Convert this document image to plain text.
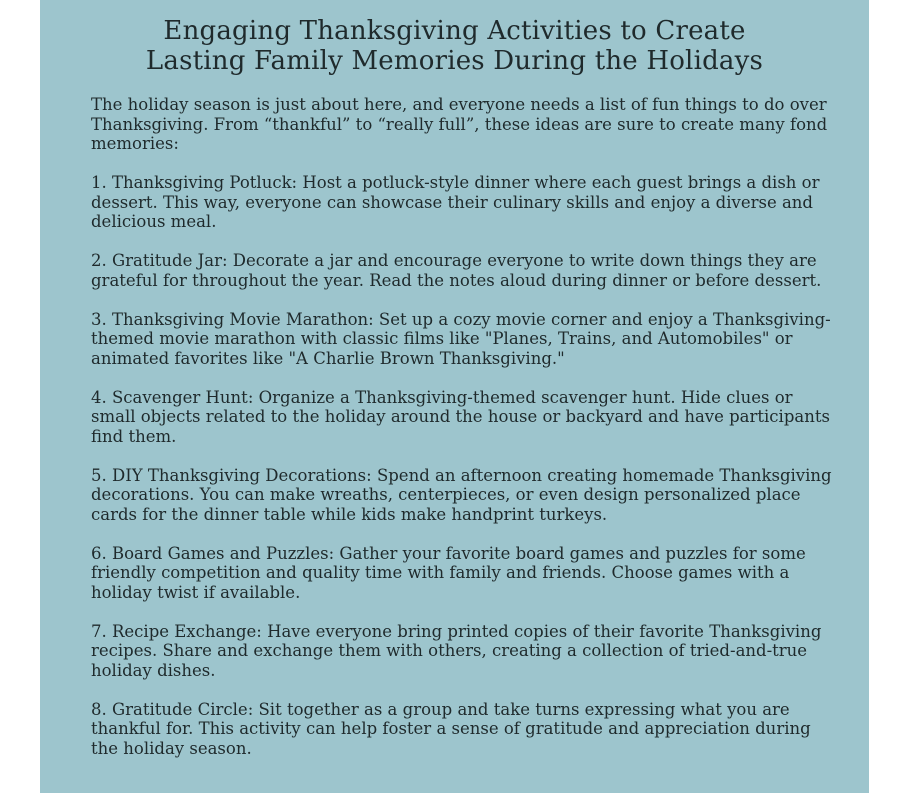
Engaging Thanksgiving Activities to Create
Lasting Family Memories During the Holidays

The holiday season is just about here, and everyone needs a list of fun things to do over Thanksgiving. From “thankful” to “really full”, these ideas are sure to create many fond memories:

1. Thanksgiving Potluck: Host a potluck-style dinner where each guest brings a dish or dessert. This way, everyone can showcase their culinary skills and enjoy a diverse and delicious meal.

2. Gratitude Jar: Decorate a jar and encourage everyone to write down things they are grateful for throughout the year. Read the notes aloud during dinner or before dessert.

3. Thanksgiving Movie Marathon: Set up a cozy movie corner and enjoy a Thanksgiving-themed movie marathon with classic films like "Planes, Trains, and Automobiles" or animated favorites like "A Charlie Brown Thanksgiving."

4. Scavenger Hunt: Organize a Thanksgiving-themed scavenger hunt. Hide clues or small objects related to the holiday around the house or backyard and have participants find them.

5. DIY Thanksgiving Decorations: Spend an afternoon creating homemade Thanksgiving decorations. You can make wreaths, centerpieces, or even design personalized place cards for the dinner table while kids make handprint turkeys.

6. Board Games and Puzzles: Gather your favorite board games and puzzles for some friendly competition and quality time with family and friends. Choose games with a holiday twist if available.

7. Recipe Exchange: Have everyone bring printed copies of their favorite Thanksgiving recipes. Share and exchange them with others, creating a collection of tried-and-true holiday dishes.

8. Gratitude Circle: Sit together as a group and take turns expressing what you are thankful for. This activity can help foster a sense of gratitude and appreciation during the holiday season.
